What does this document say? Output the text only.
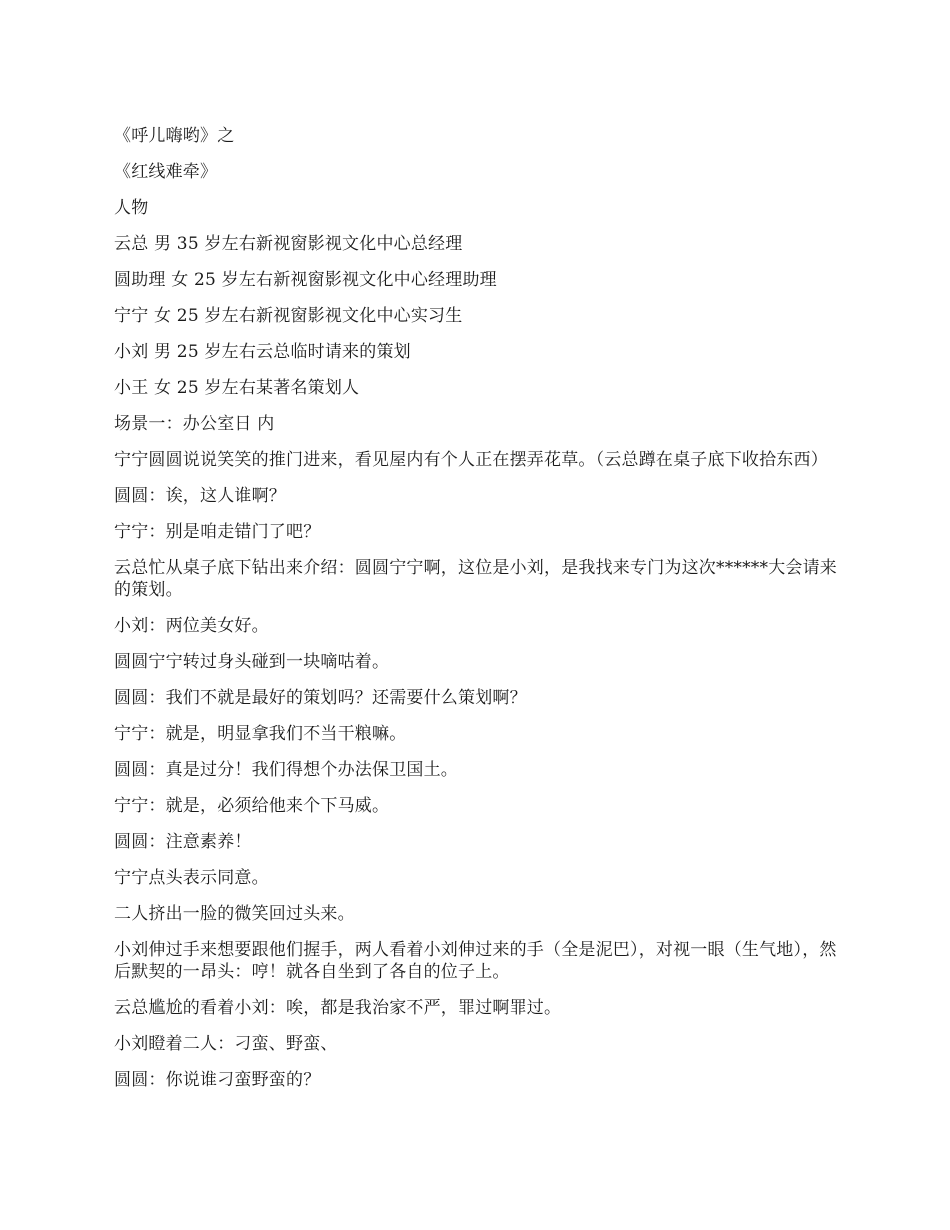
《呼儿嗨哟》之

《红线难牵》

人物

云总 男 35 岁左右新视窗影视文化中心总经理

圆助理 女 25 岁左右新视窗影视文化中心经理助理

宁宁 女 25 岁左右新视窗影视文化中心实习生

小刘 男 25 岁左右云总临时请来的策划

小王 女 25 岁左右某著名策划人

场景一：办公室日 内

宁宁圆圆说说笑笑的推门进来，看见屋内有个人正在摆弄花草。（云总蹲在桌子底下收拾东西）

圆圆：诶，这人谁啊？

宁宁：别是咱走错门了吧？

云总忙从桌子底下钻出来介绍：圆圆宁宁啊，这位是小刘，是我找来专门为这次******大会请来的策划。

小刘：两位美女好。

圆圆宁宁转过身头碰到一块嘀咕着。

圆圆：我们不就是最好的策划吗？还需要什么策划啊？

宁宁：就是，明显拿我们不当干粮嘛。

圆圆：真是过分！我们得想个办法保卫国土。

宁宁：就是，必须给他来个下马威。

圆圆：注意素养！

宁宁点头表示同意。

二人挤出一脸的微笑回过头来。

小刘伸过手来想要跟他们握手，两人看着小刘伸过来的手（全是泥巴），对视一眼（生气地），然后默契的一昂头：哼！就各自坐到了各自的位子上。

云总尴尬的看着小刘：唉，都是我治家不严，罪过啊罪过。

小刘瞪着二人：刁蛮、野蛮、

圆圆：你说谁刁蛮野蛮的？
